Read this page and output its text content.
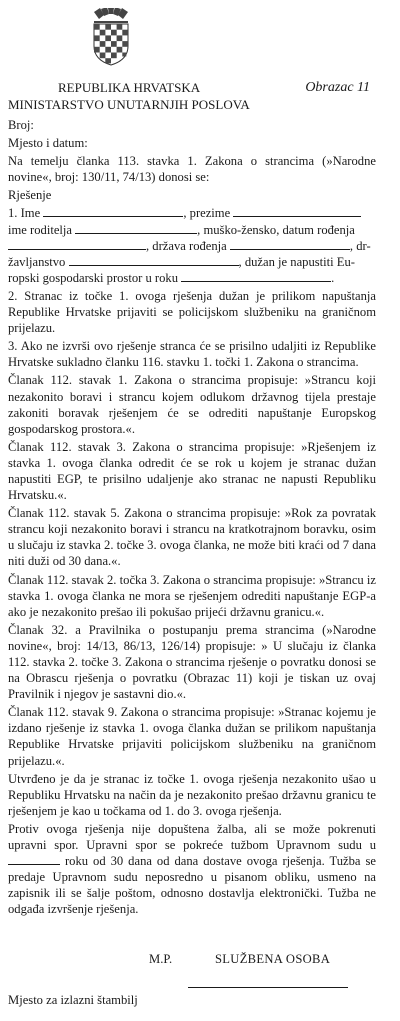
REPUBLIKA HRVATSKA	Obrazac 11
MINISTARSTVO UNUTARNJIH POSLOVA

Broj:

Mjesto i datum:

Na temelju članka 113. stavka 1. Zakona o strancima (»Narodne novine«, broj: 130/11, 74/13) donosi se:

Rješenje

1. Ime	, prezime
ime roditelja	, muško-žensko, datum rođenja
, država rođenja	, dr-
žavljanstvo	, dužan je napustiti Eu-
ropski gospodarski prostor u roku	.

2. Stranac iz točke 1. ovoga rješenja dužan je prilikom napuštanja Republike Hrvatske prijaviti se policijskom službeniku na graničnom prijelazu.

3. Ako ne izvrši ovo rješenje stranca će se prisilno udaljiti iz Republike Hrvatske sukladno članku 116. stavku 1. točki 1. Zakona o strancima.

Članak 112. stavak 1. Zakona o strancima propisuje: »Strancu koji nezakonito boravi i strancu kojem odlukom državnog tijela prestaje zakoniti boravak rješenjem će se odrediti napuštanje Europskog gospodarskog prostora.«.

Članak 112. stavak 3. Zakona o strancima propisuje: »Rješenjem iz stavka 1. ovoga članka odredit će se rok u kojem je stranac dužan napustiti EGP, te prisilno udaljenje ako stranac ne napusti Republiku Hrvatsku.«.

Članak 112. stavak 5. Zakona o strancima propisuje: »Rok za povratak strancu koji nezakonito boravi i strancu na kratkotrajnom boravku, osim u slučaju iz stavka 2. točke 3. ovoga članka, ne može biti kraći od 7 dana niti duži od 30 dana.«.

Članak 112. stavak 2. točka 3. Zakona o strancima propisuje: »Strancu iz stavka 1. ovoga članka ne mora se rješenjem odrediti napuštanje EGP-a ako je nezakonito prešao ili pokušao prijeći državnu granicu.«.

Članak 32. a Pravilnika o postupanju prema strancima (»Narodne novine«, broj: 14/13, 86/13, 126/14) propisuje: » U slučaju iz članka 112. stavka 2. točke 3. Zakona o strancima rješenje o povratku donosi se na Obrascu rješenja o povratku (Obrazac 11) koji je tiskan uz ovaj Pravilnik i njegov je sastavni dio.«.

Članak 112. stavak 9. Zakona o strancima propisuje: »Stranac kojemu je izdano rješenje iz stavka 1. ovoga članka dužan se prilikom napuštanja Republike Hrvatske prijaviti policijskom službeniku na graničnom prijelazu.«.

Utvrđeno je da je stranac iz točke 1. ovoga rješenja nezakonito ušao u Republiku Hrvatsku na način da je nezakonito prešao državnu granicu te rješenjem je kao u točkama od 1. do 3. ovoga rješenja.

Protiv ovoga rješenja nije dopuštena žalba, ali se može pokrenuti upravni spor. Upravni spor se pokreće tužbom Upravnom sudu u  roku od 30 dana od dana dostave ovoga rješenja. Tužba se predaje Upravnom sudu neposredno u pisanom obliku, usmeno na zapisnik ili se šalje poštom, odnosno dostavlja elektronički. Tužba ne odgađa izvršenje rješenja.

M.P.	SLUŽBENA OSOBA
Mjesto za izlazni štambilj
